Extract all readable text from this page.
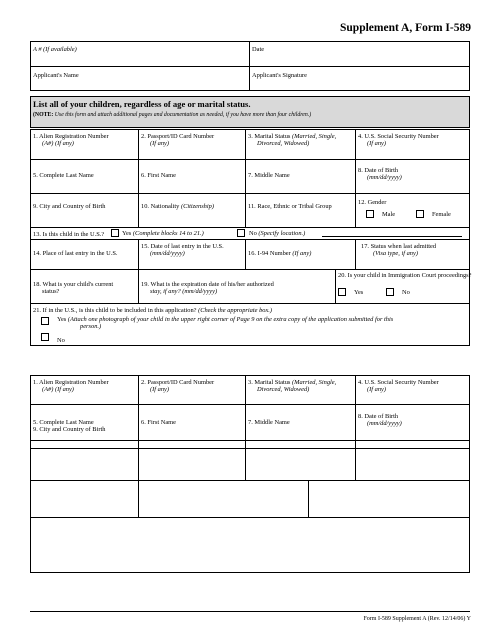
Supplement A, Form I-589
A # (If available)	Date
Applicant's Name	Applicant's Signature
List all of your children, regardless of age or marital status.
(NOTE: Use this form and attach additional pages and documentation as needed, if you have more than four children.)
1. Alien Registration Number
(A#) (If any)
2. Passport/ID Card Number
(If any)
3. Marital Status (Married, Single,
Divorced, Widowed)
4. U.S. Social Security Number
(If any)
5. Complete Last Name	6. First Name	7. Middle Name
8. Date of Birth
(mm/dd/yyyy)
9. City and Country of Birth	10. Nationality (Citizenship)	11. Race, Ethnic or Tribal Group
12. Gender
Male	Female
13. Is this child in the U.S.?	Yes (Complete blocks 14 to 21.)	No (Specify location.)
14. Place of last entry in the U.S.
15. Date of last entry in the U.S.
(mm/dd/yyyy)	16. I-94 Number (If any)
17. Status when last admitted
(Visa type, if any)
18. What is your child's current
status?
19. What is the expiration date of his/her authorized
stay, if any? (mm/dd/yyyy)
20. Is your child in Immigration Court proceedings?
Yes	No
21. If in the U.S., is this child to be included in this application? (Check the appropriate box.)
Yes (Attach one photograph of your child in the upper right corner of Page 9 on the extra copy of the application submitted for this
person.)
No
1. Alien Registration Number
(A#) (If any)
2. Passport/ID Card Number
(If any)
3. Marital Status (Married, Single,
Divorced, Widowed)
4. U.S. Social Security Number
(If any)
5. Complete Last Name	6. First Name	7. Middle Name
8. Date of Birth
(mm/dd/yyyy)
9. City and Country of Birth
Form I-589 Supplement A (Rev. 12/14/06) Y
